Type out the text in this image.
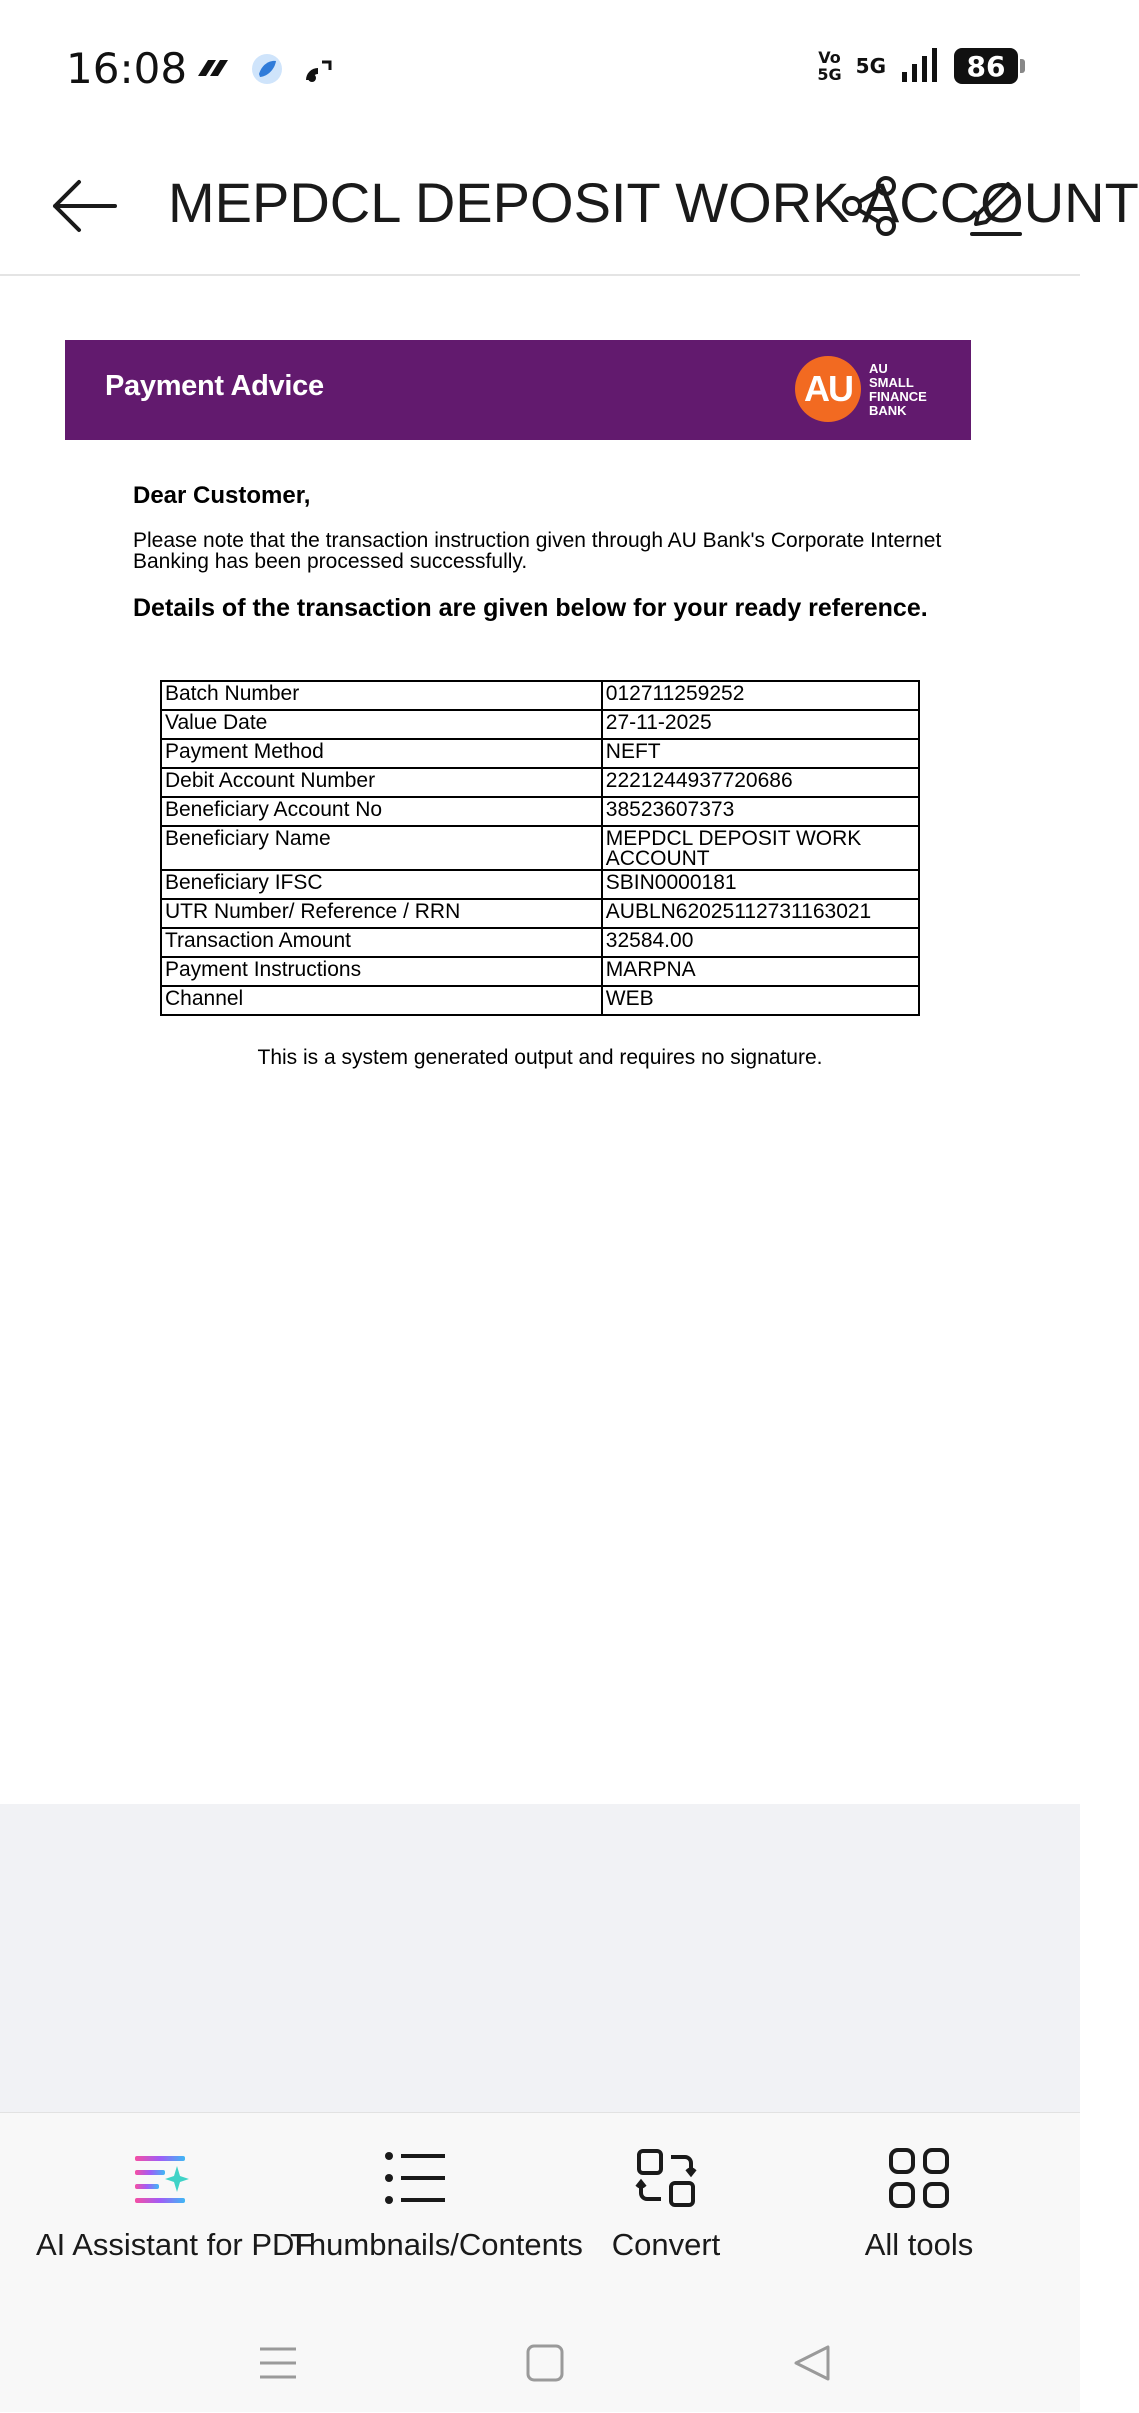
16:08	Vo
5G 5G	86
MEPDCL DEPOSIT WORK ACCOUNT
Payment Advice	AU	AU
SMALL
FINANCE
BANK
Dear Customer,
Please note that the transaction instruction given through AU Bank's Corporate Internet Banking has been processed successfully.
Details of the transaction are given below for your ready reference.
Batch Number	012711259252
Value Date	27-11-2025
Payment Method	NEFT
Debit Account Number	2221244937720686
Beneficiary Account No	38523607373
Beneficiary Name	MEPDCL DEPOSIT WORK ACCOUNT
Beneficiary IFSC	SBIN0000181
UTR Number/ Reference / RRN	AUBLN62025112731163021
Transaction Amount	32584.00
Payment Instructions	MARPNA
Channel	WEB
This is a system generated output and requires no signature.
AI Assistant for PDF
Thumbnails/Contents Convert	All tools
